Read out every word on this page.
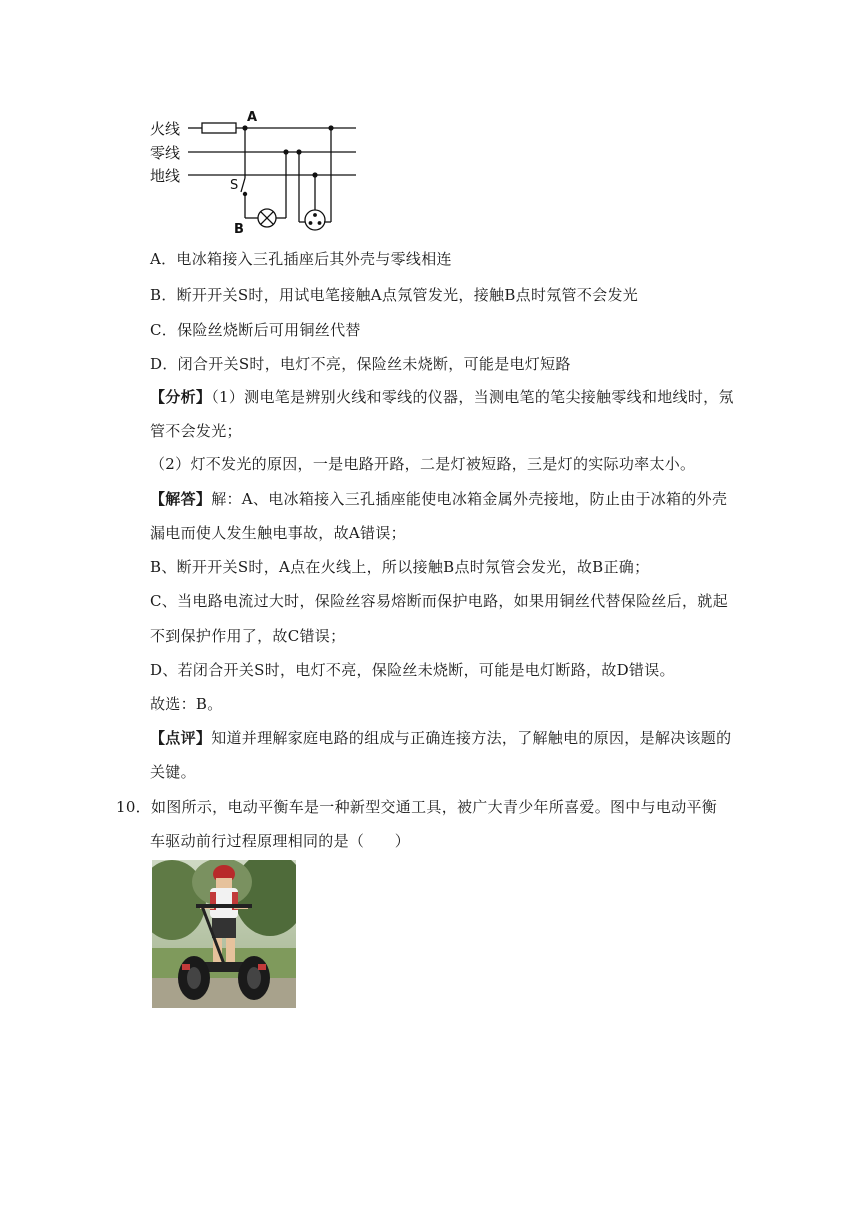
火线
零线
地线
A
S
B
A．电冰箱接入三孔插座后其外壳与零线相连
B．断开开关S时，用试电笔接触A点氖管发光，接触B点时氖管不会发光
C．保险丝烧断后可用铜丝代替
D．闭合开关S时，电灯不亮，保险丝未烧断，可能是电灯短路
【分析】（1）测电笔是辨别火线和零线的仪器，当测电笔的笔尖接触零线和地线时，氖
管不会发光；
（2）灯不发光的原因，一是电路开路，二是灯被短路，三是灯的实际功率太小。
【解答】解：A、电冰箱接入三孔插座能使电冰箱金属外壳接地，防止由于冰箱的外壳
漏电而使人发生触电事故，故A错误；
B、断开开关S时，A点在火线上，所以接触B点时氖管会发光，故B正确；
C、当电路电流过大时，保险丝容易熔断而保护电路，如果用铜丝代替保险丝后，就起
不到保护作用了，故C错误；
D、若闭合开关S时，电灯不亮，保险丝未烧断，可能是电灯断路，故D错误。
故选：B。
【点评】知道并理解家庭电路的组成与正确连接方法，了解触电的原因，是解决该题的
关键。
10．如图所示，电动平衡车是一种新型交通工具，被广大青少年所喜爱。图中与电动平衡
车驱动前行过程原理相同的是（　　）
